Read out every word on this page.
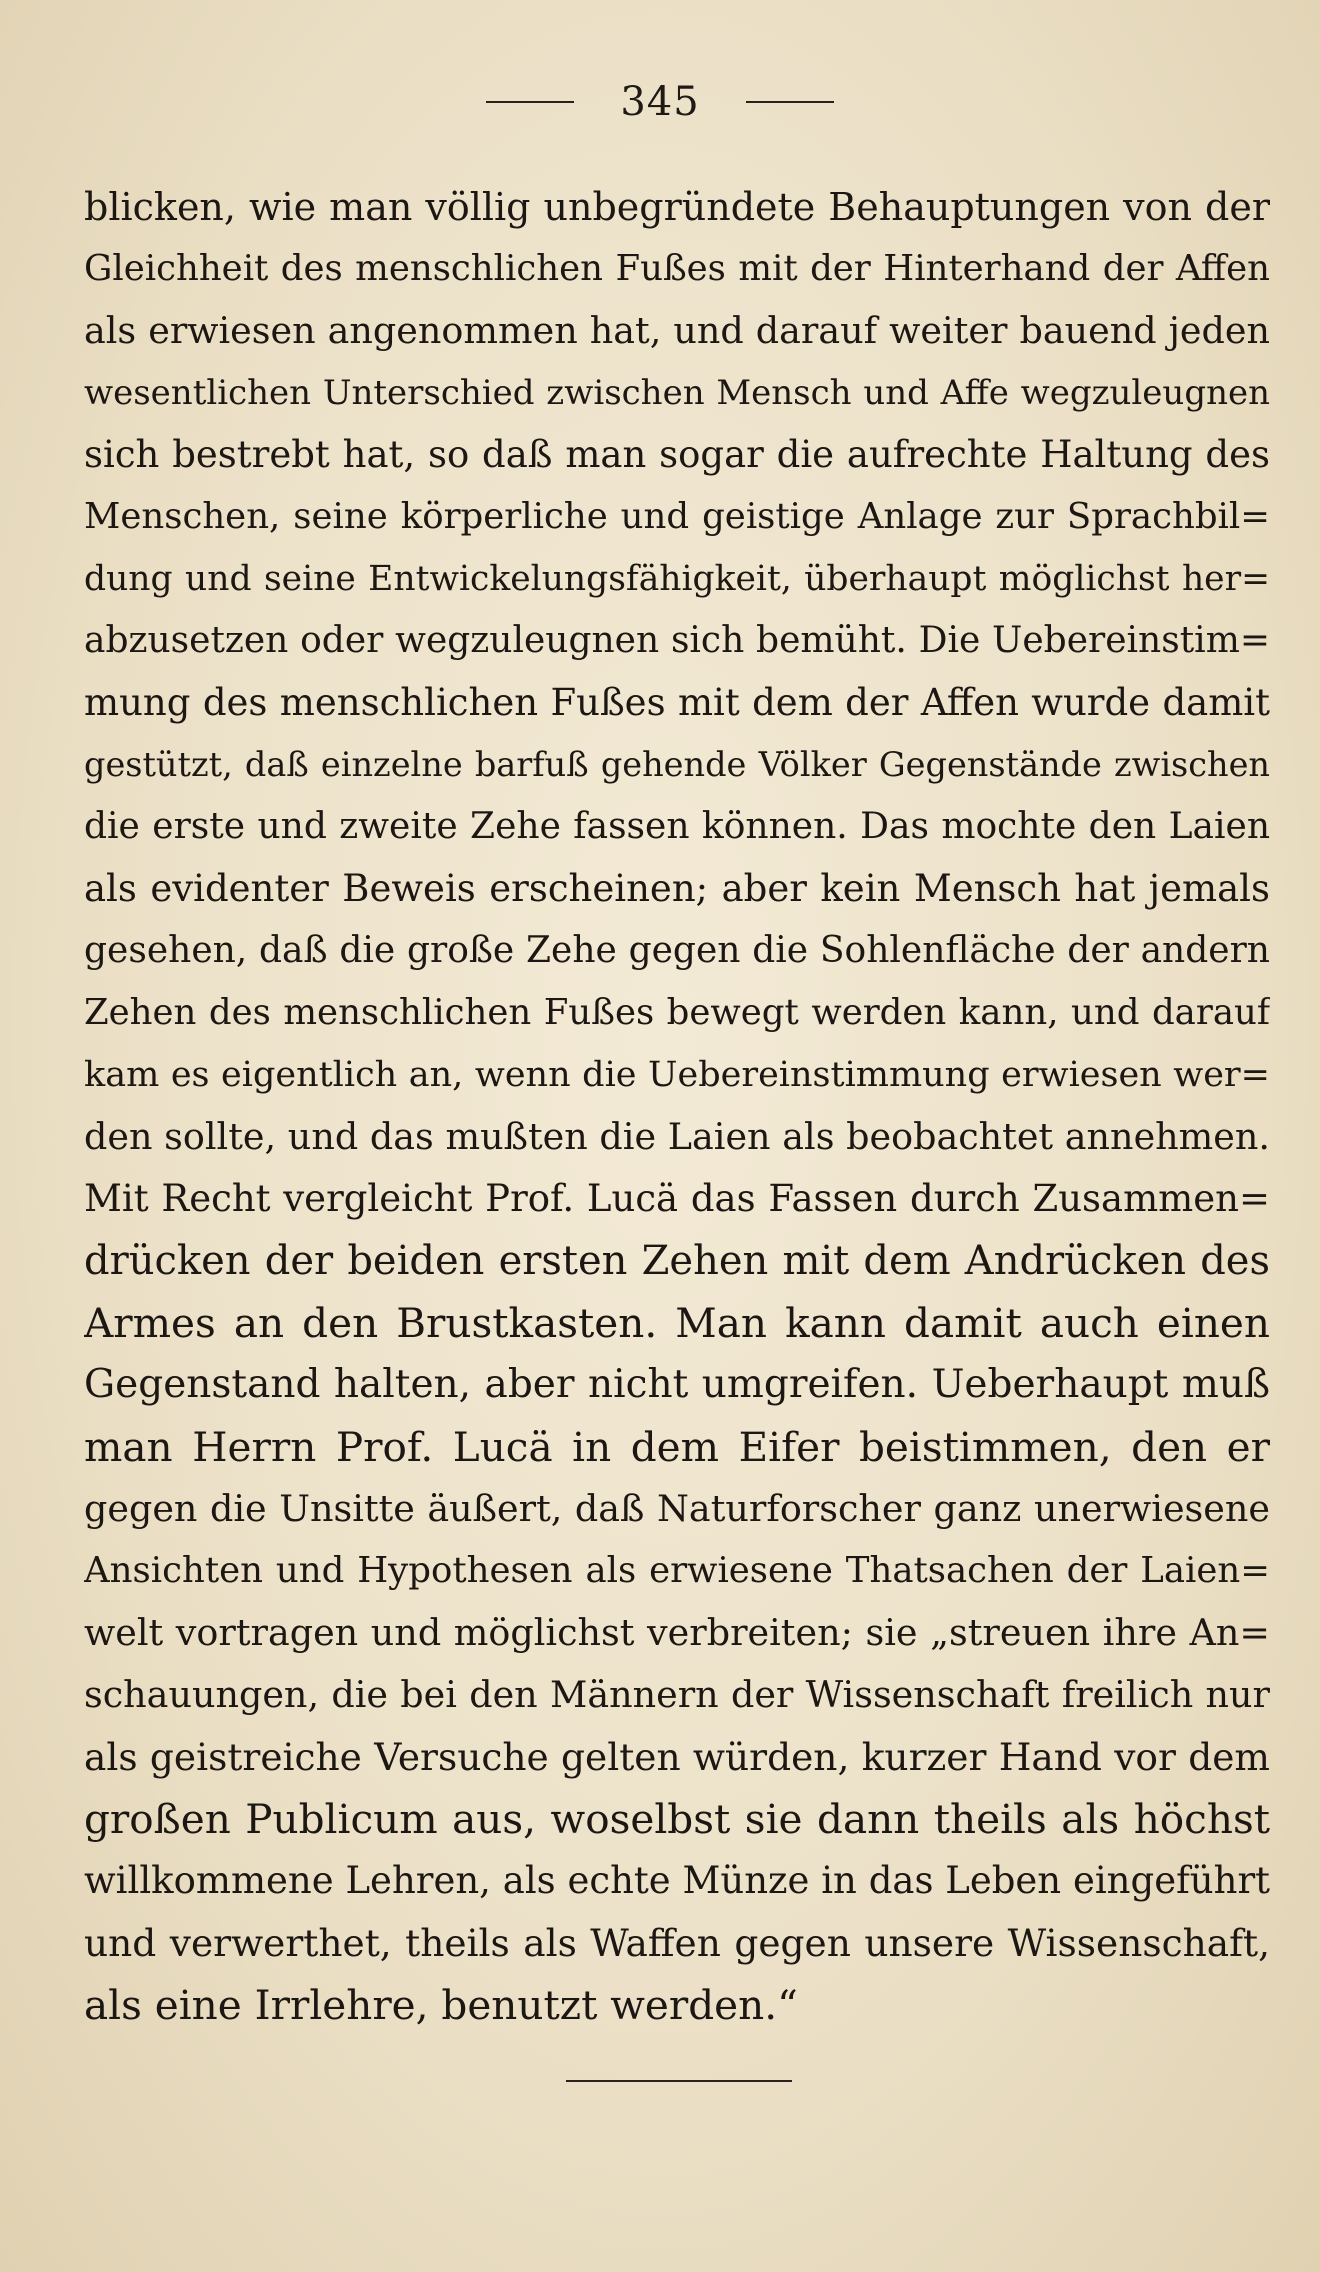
345
blicken, wie man völlig unbegründete Behauptungen von der
Gleichheit des menschlichen Fußes mit der Hinterhand der Affen
als erwiesen angenommen hat, und darauf weiter bauend jeden
wesentlichen Unterschied zwischen Mensch und Affe wegzuleugnen
sich bestrebt hat, so daß man sogar die aufrechte Haltung des
Menschen, seine körperliche und geistige Anlage zur Sprachbil=
dung und seine Entwickelungsfähigkeit, überhaupt möglichst her=
abzusetzen oder wegzuleugnen sich bemüht. Die Uebereinstim=
mung des menschlichen Fußes mit dem der Affen wurde damit
gestützt, daß einzelne barfuß gehende Völker Gegenstände zwischen
die erste und zweite Zehe fassen können. Das mochte den Laien
als evidenter Beweis erscheinen; aber kein Mensch hat jemals
gesehen, daß die große Zehe gegen die Sohlenfläche der andern
Zehen des menschlichen Fußes bewegt werden kann, und darauf
kam es eigentlich an, wenn die Uebereinstimmung erwiesen wer=
den sollte, und das mußten die Laien als beobachtet annehmen.
Mit Recht vergleicht Prof. Lucä das Fassen durch Zusammen=
drücken der beiden ersten Zehen mit dem Andrücken des
Armes an den Brustkasten. Man kann damit auch einen
Gegenstand halten, aber nicht umgreifen. Ueberhaupt muß
man Herrn Prof. Lucä in dem Eifer beistimmen, den er
gegen die Unsitte äußert, daß Naturforscher ganz unerwiesene
Ansichten und Hypothesen als erwiesene Thatsachen der Laien=
welt vortragen und möglichst verbreiten; sie „streuen ihre An=
schauungen, die bei den Männern der Wissenschaft freilich nur
als geistreiche Versuche gelten würden, kurzer Hand vor dem
großen Publicum aus, woselbst sie dann theils als höchst
willkommene Lehren, als echte Münze in das Leben eingeführt
und verwerthet, theils als Waffen gegen unsere Wissenschaft,
als eine Irrlehre, benutzt werden.“
